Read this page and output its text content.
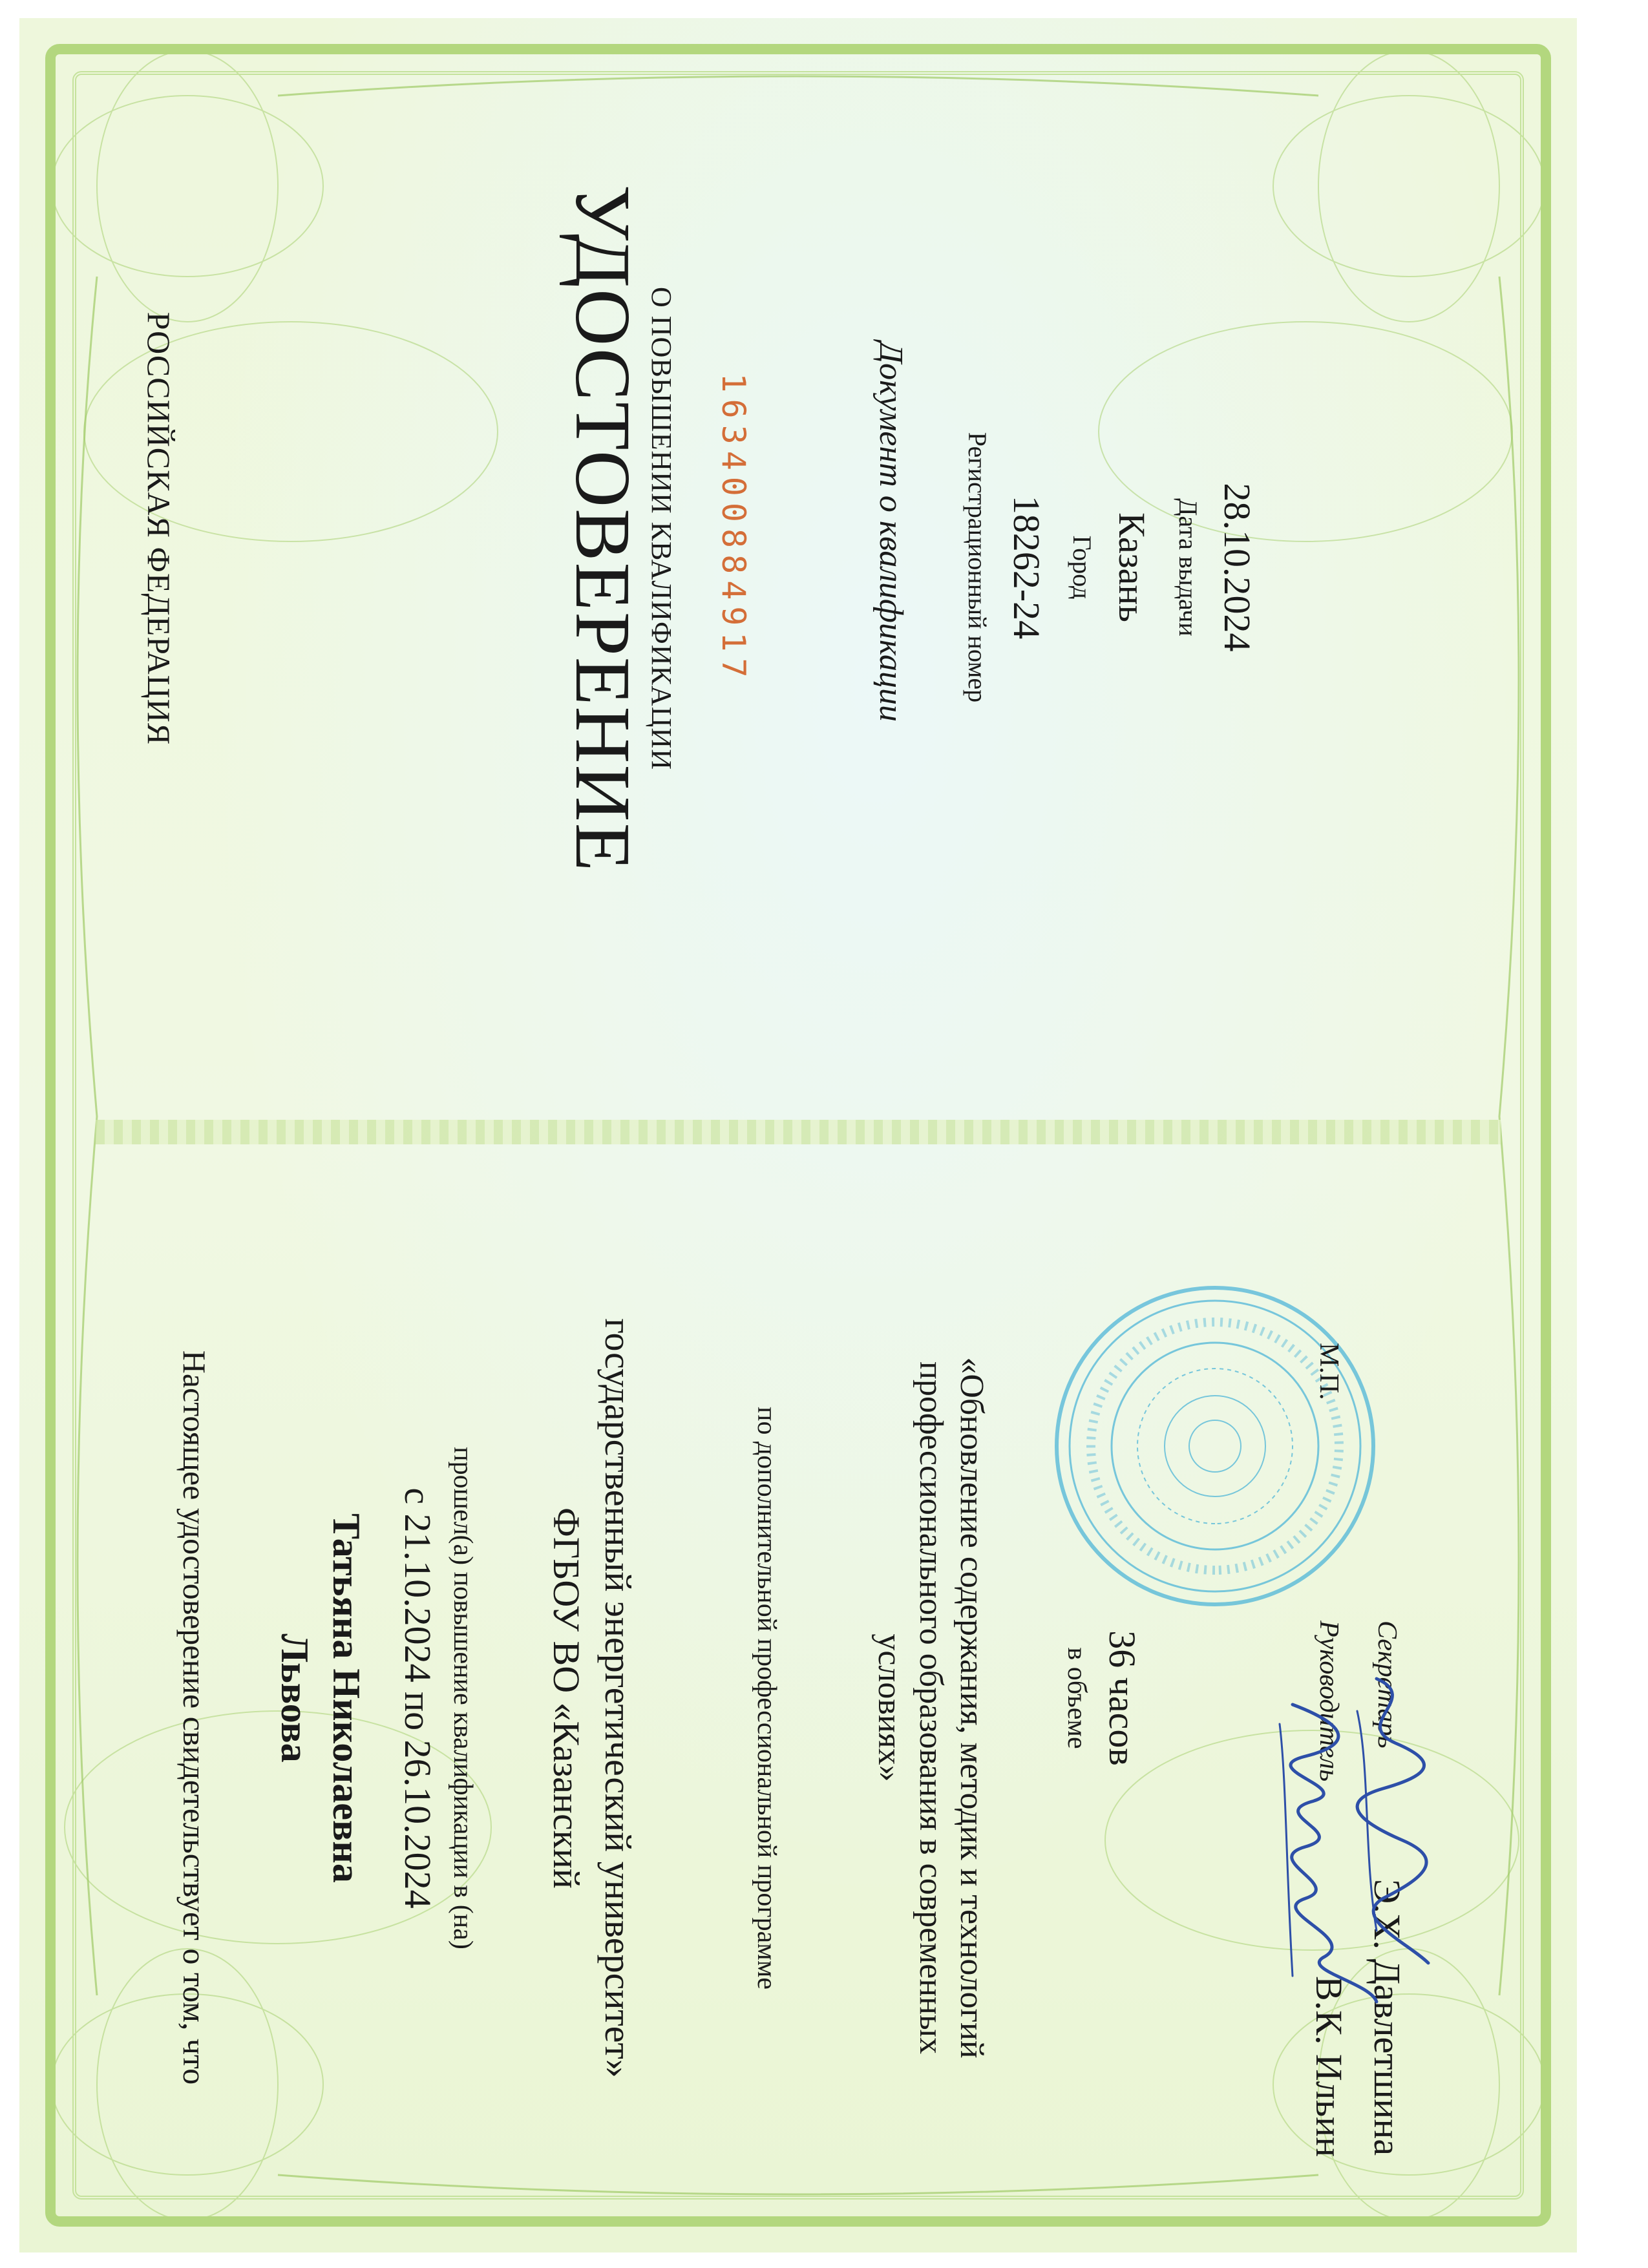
РОССИЙСКАЯ ФЕДЕРАЦИЯ	УДОСТОВЕРЕНИЕ О ПОВЫШЕНИИ КВАЛИФИКАЦИИ 163400884917	Документ о квалификации Регистрационный номер 18262-24 Город Казань Дата выдачи 28.10.2024
Настоящее удостоверение свидетельствует о том, что Львова Татьяна Николаевна с 21.10.2024 по 26.10.2024 прошел(а) повышение квалификации в (на) ФГБОУ ВО «Казанский государственный энергетический университет»	по дополнительной профессиональной программе	«Обновление содержания, методик и технологий профессионального образования в современных условиях»	в объеме 36 часов
М.П.
Руководитель
В.К. Ильин
Секретарь
Э.Х. Давлетшина
